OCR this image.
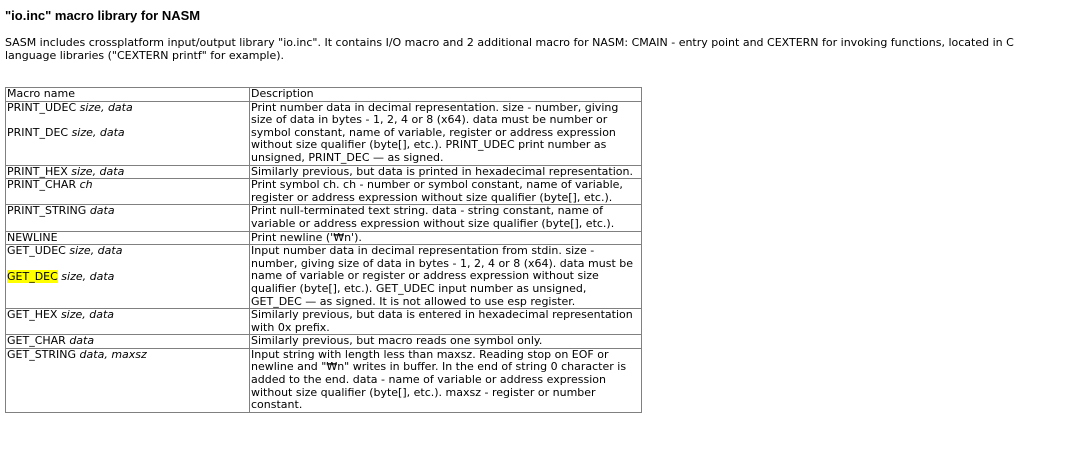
"io.inc" macro library for NASM

SASM includes crossplatform input/output library "io.inc". It contains I/O macro and 2 additional macro for NASM: CMAIN - entry point and CEXTERN for invoking functions, located in C language libraries ("CEXTERN printf" for example).

Macro name	Description

PRINT_UDEC size, data
PRINT_DEC size, data	Print number data in decimal representation. size - number, giving size of data in bytes - 1, 2, 4 or 8 (x64). data must be number or symbol constant, name of variable, register or address expression without size qualifier (byte[], etc.). PRINT_UDEC print number as unsigned, PRINT_DEC — as signed.
PRINT_HEX size, data	Similarly previous, but data is printed in hexadecimal representation.
PRINT_CHAR ch	Print symbol ch. ch - number or symbol constant, name of variable, register or address expression without size qualifier (byte[], etc.).
PRINT_STRING data	Print null-terminated text string. data - string constant, name of variable or address expression without size qualifier (byte[], etc.).
NEWLINE	Print newline ('₩n').

GET_UDEC size, data
GET_DEC size, data	Input number data in decimal representation from stdin. size - number, giving size of data in bytes - 1, 2, 4 or 8 (x64). data must be name of variable or register or address expression without size qualifier (byte[], etc.). GET_UDEC input number as unsigned, GET_DEC — as signed. It is not allowed to use esp register.
GET_HEX size, data	Similarly previous, but data is entered in hexadecimal representation with 0x prefix.
GET_CHAR data	Similarly previous, but macro reads one symbol only.
GET_STRING data, maxsz	Input string with length less than maxsz. Reading stop on EOF or newline and "₩n" writes in buffer. In the end of string 0 character is added to the end. data - name of variable or address expression without size qualifier (byte[], etc.). maxsz - register or number constant.
